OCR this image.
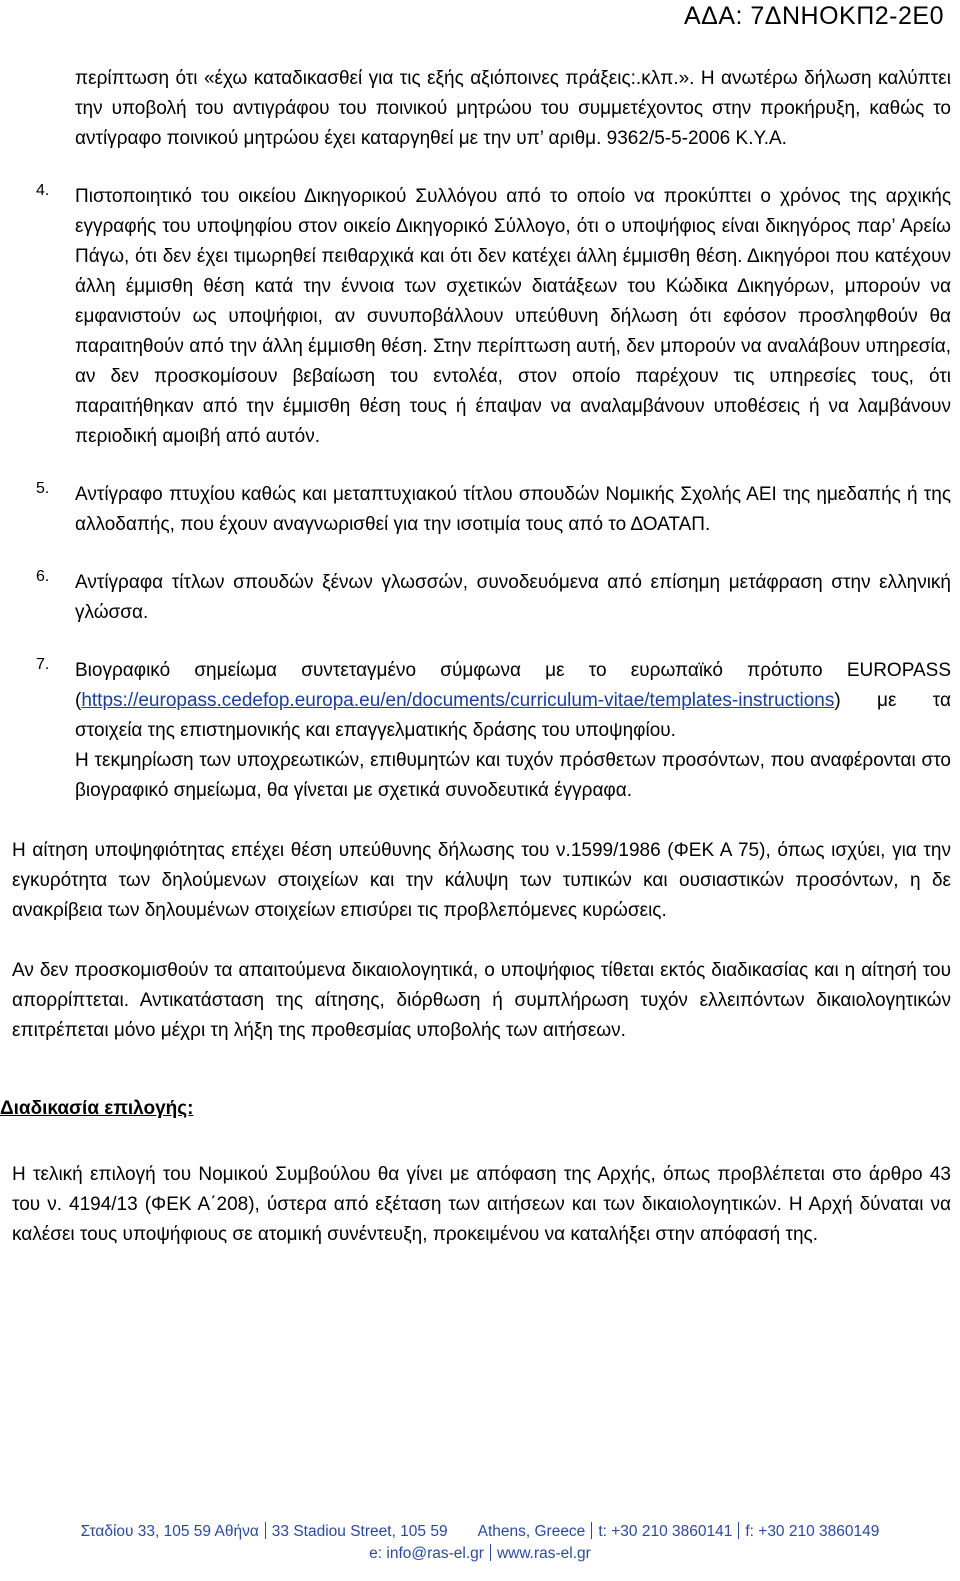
ΑΔΑ: 7ΔΝΗΟΚΠ2-2Ε0

περίπτωση ότι «έχω καταδικασθεί για τις εξής αξιόποινες πράξεις:.κλπ.». Η ανωτέρω δήλωση καλύπτει την υποβολή του αντιγράφου του ποινικού μητρώου του συμμετέχοντος στην προκήρυξη, καθώς το αντίγραφο ποινικού μητρώου έχει καταργηθεί με την υπ’ αριθμ. 9362/5-5-2006 Κ.Υ.Α.

4. Πιστοποιητικό του οικείου Δικηγορικού Συλλόγου από το οποίο να προκύπτει ο χρόνος της αρχικής εγγραφής του υποψηφίου στον οικείο Δικηγορικό Σύλλογο, ότι ο υποψήφιος είναι δικηγόρος παρ’ Αρείω Πάγω, ότι δεν έχει τιμωρηθεί πειθαρχικά και ότι δεν κατέχει άλλη έμμισθη θέση. Δικηγόροι που κατέχουν άλλη έμμισθη θέση κατά την έννοια των σχετικών διατάξεων του Κώδικα Δικηγόρων, μπορούν να εμφανιστούν ως υποψήφιοι, αν συνυποβάλλουν υπεύθυνη δήλωση ότι εφόσον προσληφθούν θα παραιτηθούν από την άλλη έμμισθη θέση. Στην περίπτωση αυτή, δεν μπορούν να αναλάβουν υπηρεσία, αν δεν προσκομίσουν βεβαίωση του εντολέα, στον οποίο παρέχουν τις υπηρεσίες τους, ότι παραιτήθηκαν από την έμμισθη θέση τους ή έπαψαν να αναλαμβάνουν υποθέσεις ή να λαμβάνουν περιοδική αμοιβή από αυτόν.

5. Αντίγραφο πτυχίου καθώς και μεταπτυχιακού τίτλου σπουδών Νομικής Σχολής ΑΕΙ της ημεδαπής ή της αλλοδαπής, που έχουν αναγνωρισθεί για την ισοτιμία τους από το ΔΟΑΤΑΠ.

6. Αντίγραφα τίτλων σπουδών ξένων γλωσσών, συνοδευόμενα από επίσημη μετάφραση στην ελληνική γλώσσα.

7. Βιογραφικό σημείωμα συντεταγμένο σύμφωνα με το ευρωπαϊκό πρότυπο EUROPASS (https://europass.cedefop.europa.eu/en/documents/curriculum-vitae/templates-instructions) με τα στοιχεία της επιστημονικής και επαγγελματικής δράσης του υποψηφίου.

Η τεκμηρίωση των υποχρεωτικών, επιθυμητών και τυχόν πρόσθετων προσόντων, που αναφέρονται στο βιογραφικό σημείωμα, θα γίνεται με σχετικά συνοδευτικά έγγραφα.

Η αίτηση υποψηφιότητας επέχει θέση υπεύθυνης δήλωσης του ν.1599/1986 (ΦΕΚ Α 75), όπως ισχύει, για την εγκυρότητα των δηλούμενων στοιχείων και την κάλυψη των τυπικών και ουσιαστικών προσόντων, η δε ανακρίβεια των δηλουμένων στοιχείων επισύρει τις προβλεπόμενες κυρώσεις.

Αν δεν προσκομισθούν τα απαιτούμενα δικαιολογητικά, ο υποψήφιος τίθεται εκτός διαδικασίας και η αίτησή του απορρίπτεται. Αντικατάσταση της αίτησης, διόρθωση ή συμπλήρωση τυχόν ελλειπόντων δικαιολογητικών επιτρέπεται μόνο μέχρι τη λήξη της προθεσμίας υποβολής των αιτήσεων.

Διαδικασία επιλογής:

Η τελική επιλογή του Νομικού Συμβούλου θα γίνει με απόφαση της Αρχής, όπως προβλέπεται στο άρθρο 43 του ν. 4194/13 (ΦΕΚ Α΄208), ύστερα από εξέταση των αιτήσεων και των δικαιολογητικών. Η Αρχή δύναται να καλέσει τους υποψήφιους σε ατομική συνέντευξη, προκειμένου να καταλήξει στην απόφασή της.

Σταδίου 33, 105 59 Αθήνα 33 Stadiou Street, 105 59 Athens, Greece t: +30 210 3860141 f: +30 210 3860149
e: info@ras-el.gr www.ras-el.gr
